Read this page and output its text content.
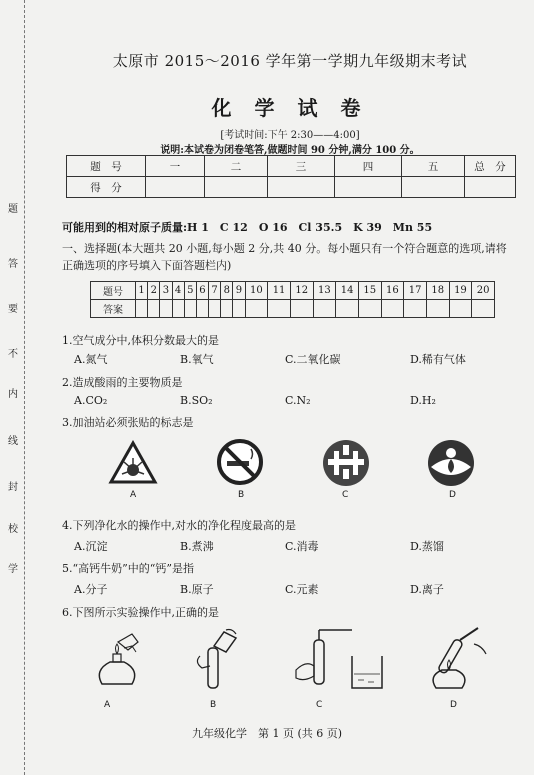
题
答
要
不
内
线
封
校
学
太原市 2015～2016 学年第一学期九年级期末考试
化 学 试 卷
[考试时间:下午 2:30——4:00]
说明:本试卷为闭卷笔答,做题时间 90 分钟,满分 100 分。
题　号	一	二	三	四	五	总　分
得　分						
可能用到的相对原子质量:H 1　C 12　O 16　Cl 35.5　K 39　Mn 55
一、选择题(本大题共 20 小题,每小题 2 分,共 40 分。每小题只有一个符合题意的选项,请将
正确选项的序号填入下面答题栏内)
题号	1	2	3	4	5	6	7	8	9	10	11	12	13	14	15	16	17	18	19	20
答案																				
1.空气成分中,体积分数最大的是
A.氮气	B.氧气	C.二氧化碳	D.稀有气体
2.造成酸雨的主要物质是
A.CO₂	B.SO₂	C.N₂	D.H₂
3.加油站必须张贴的标志是
A	B	C	D
4.下列净化水的操作中,对水的净化程度最高的是
A.沉淀	B.煮沸	C.消毒	D.蒸馏
5.“高钙牛奶”中的“钙”是指
A.分子	B.原子	C.元素	D.离子
6.下图所示实验操作中,正确的是
A	B	C	D
九年级化学　第 1 页 (共 6 页)
